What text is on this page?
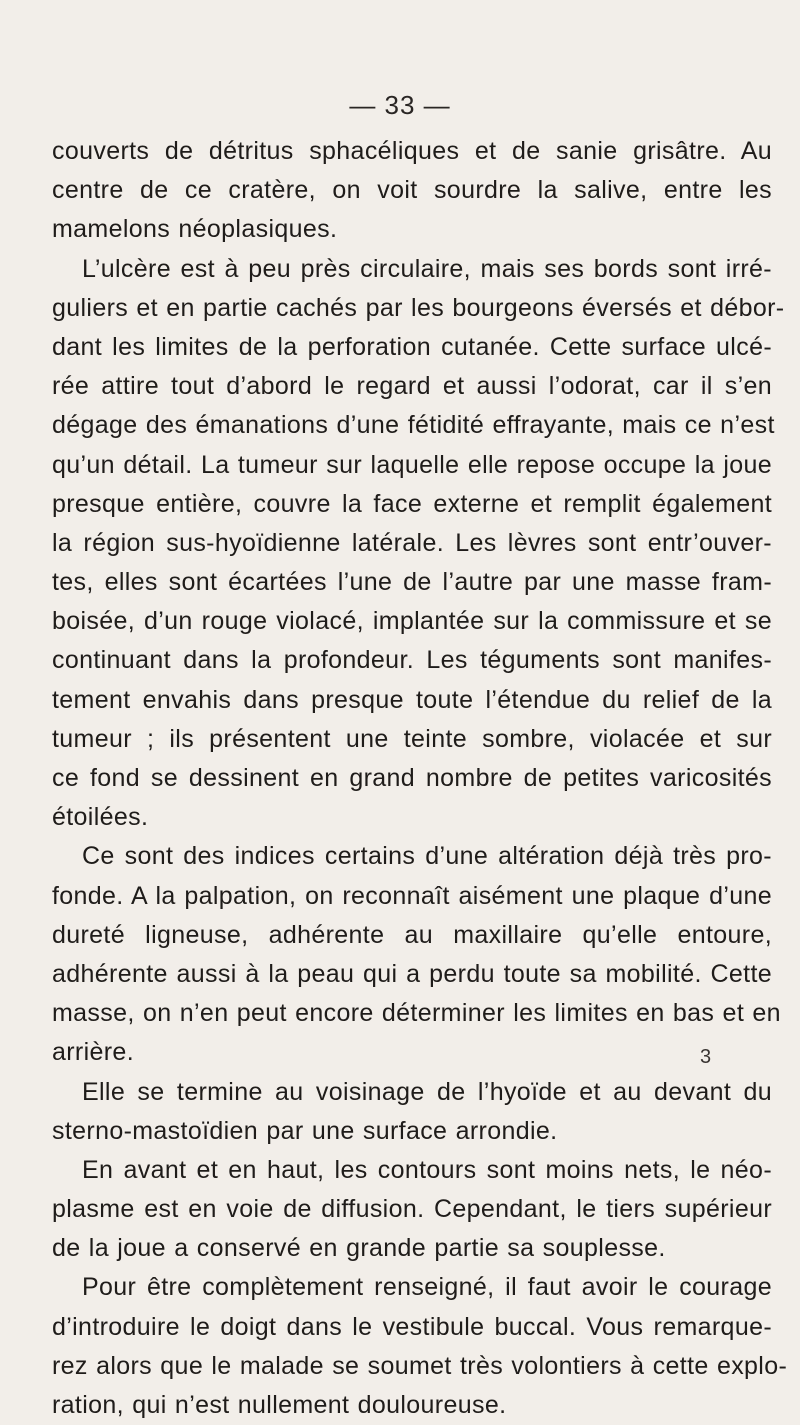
— 33 —
couverts de détritus sphacéliques et de sanie grisâtre. Au
centre de ce cratère, on voit sourdre la salive, entre les
mamelons néoplasiques.
L’ulcère est à peu près circulaire, mais ses bords sont irré-
guliers et en partie cachés par les bourgeons éversés et débor-
dant les limites de la perforation cutanée. Cette surface ulcé-
rée attire tout d’abord le regard et aussi l’odorat, car il s’en
dégage des émanations d’une fétidité effrayante, mais ce n’est
qu’un détail. La tumeur sur laquelle elle repose occupe la joue
presque entière, couvre la face externe et remplit également
la région sus-hyoïdienne latérale. Les lèvres sont entr’ouver-
tes, elles sont écartées l’une de l’autre par une masse fram-
boisée, d’un rouge violacé, implantée sur la commissure et se
continuant dans la profondeur. Les téguments sont manifes-
tement envahis dans presque toute l’étendue du relief de la
tumeur ; ils présentent une teinte sombre, violacée et sur
ce fond se dessinent en grand nombre de petites varicosités
étoilées.
Ce sont des indices certains d’une altération déjà très pro-
fonde. A la palpation, on reconnaît aisément une plaque d’une
dureté ligneuse, adhérente au maxillaire qu’elle entoure,
adhérente aussi à la peau qui a perdu toute sa mobilité. Cette
masse, on n’en peut encore déterminer les limites en bas et en
arrière.
Elle se termine au voisinage de l’hyoïde et au devant du
sterno-mastoïdien par une surface arrondie.
En avant et en haut, les contours sont moins nets, le néo-
plasme est en voie de diffusion. Cependant, le tiers supérieur
de la joue a conservé en grande partie sa souplesse.
Pour être complètement renseigné, il faut avoir le courage
d’introduire le doigt dans le vestibule buccal. Vous remarque-
rez alors que le malade se soumet très volontiers à cette explo-
ration, qui n’est nullement douloureuse.
3
